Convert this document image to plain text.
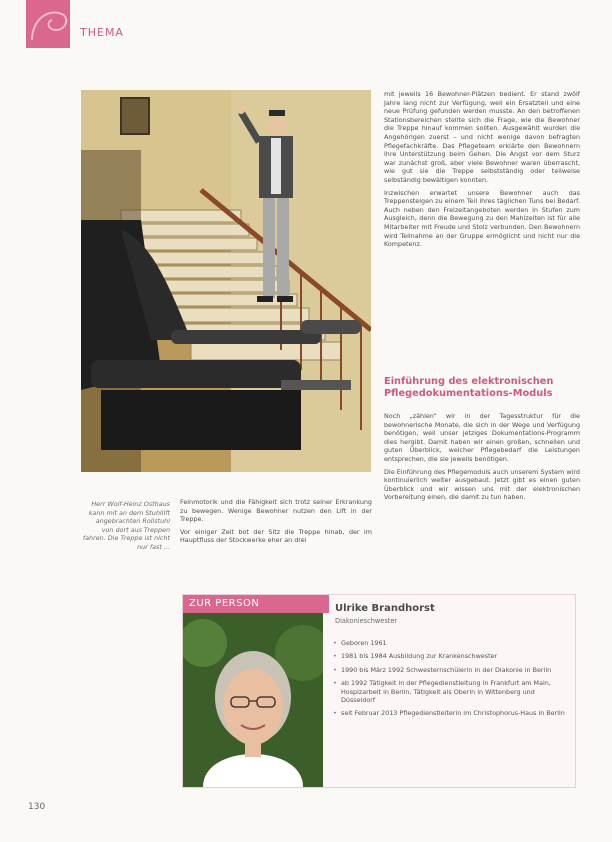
THEMA
Herr Wolf-Heinz Osthaus kann mit an dem Stuhllift angebrachten Rollstuhl von dort aus Treppen fahren. Die Treppe ist nicht nur fast ...

Feinmotorik und die Fähigkeit sich trotz seiner Erkrankung zu bewegen. Wenige Bewohner nutzen den Lift in der Treppe.

Vor einiger Zeit bot der Sitz die Treppe hinab, der im Hauptfluss der Stockwerke eher an drei

mit jeweils 16 Bewohner-Plätzen bedient. Er stand zwölf Jahre lang nicht zur Verfügung, weil ein Ersatzteil und eine neue Prüfung gefunden werden musste. An den betroffenen Stationsbereichen stellte sich die Frage, wie die Bewohner die Treppe hinauf kommen sollten. Ausgewählt wurden die Angehörigen zuerst – und nicht wenige davon befragten Pflegefachkräfte. Das Pflegeteam erklärte den Bewohnern ihre Unterstützung beim Gehen. Die Angst vor dem Sturz war zunächst groß, aber viele Bewohner waren überrascht, wie gut sie die Treppe selbstständig oder teilweise selbständig bewältigen konnten.

Inzwischen erwartet unsere Bewohner auch das Treppensteigen zu einem Teil ihres täglichen Tuns bei Bedarf. Auch neben den Freizeitangeboten werden in Stufen zum Ausgleich, denn die Bewegung zu den Mahlzeiten ist für alle Mitarbeiter mit Freude und Stolz verbunden. Den Bewohnern wird Teilnahme an der Gruppe ermöglicht und nicht nur die Kompetenz.

Einführung des elektronischen Pflegedokumentations-Moduls

Noch „zählen“ wir in der Tagesstruktur für die bewohnerische Monate, die sich in der Wege und Verfügung benötigen, weil unser jetziges Dokumentations-Programm dies hergibt. Damit haben wir einen großen, schnellen und guten Überblick, welcher Pflegebedarf die Leistungen entsprechen, die sie jeweils benötigen.

Die Einführung des Pflegemoduls auch unserem System wird kontinuierlich weiter ausgebaut. Jetzt gibt es einen guten Überblick und wir wissen uns mit der elektronischen Vorbereitung einen, die damit zu tun haben.

ZUR PERSON	Ulrike Brandhorst
Diakonieschwester
• Geboren 1961
• 1981 bis 1984 Ausbildung zur Krankenschwester
• 1990 bis März 1992 Schwesternschülerin in der Diakonie in Berlin
• ab 1992 Tätigkeit in der Pflegedienstleitung in Frankfurt am Main, Hospizarbeit in Berlin, Tätigkeit als Oberin in Wittenberg und Düsseldorf
• seit Februar 2013 Pflegedienstleiterin im Christophorus-Haus in Berlin
130
